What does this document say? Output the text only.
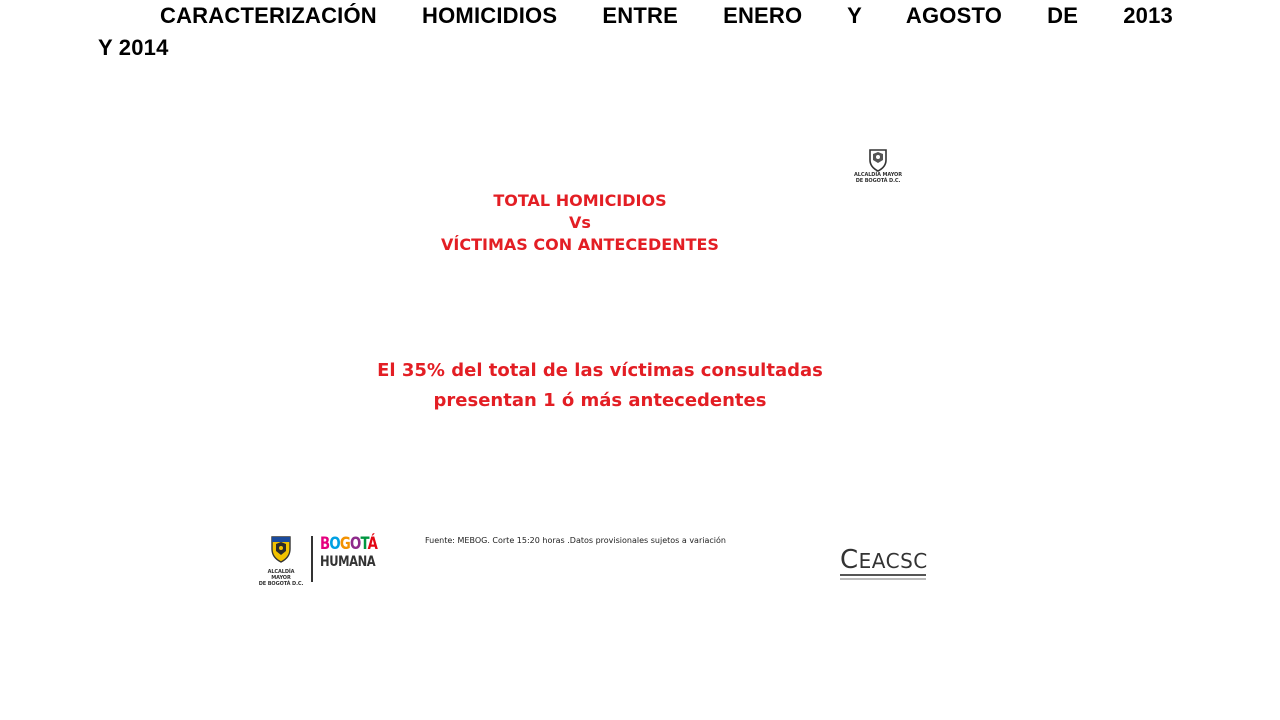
CARACTERIZACIÓN HOMICIDIOS ENTRE ENERO Y AGOSTO DE 2013
Y 2014
ALCALDÍA MAYOR
DE BOGOTÁ D.C.
TOTAL HOMICIDIOS
Vs
VÍCTIMAS CON ANTECEDENTES
El 35% del total de las víctimas consultadas
presentan 1 ó más antecedentes
ALCALDÍA MAYOR
DE BOGOTÁ D.C.
BOGOTÁ
HUMANA
Fuente: MEBOG. Corte 15:20 horas .Datos provisionales sujetos a variación
CEACSC
